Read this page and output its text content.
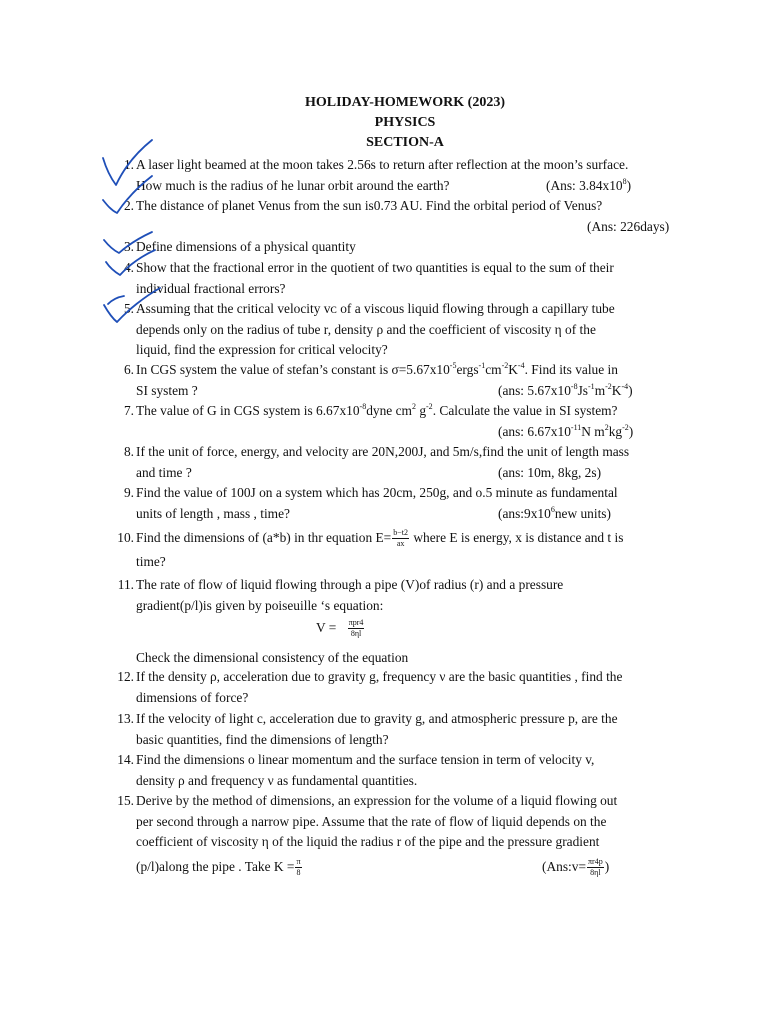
HOLIDAY-HOMEWORK (2023)
PHYSICS
SECTION-A
1. A laser light beamed at the moon takes 2.56s to return after reflection at the moon’s surface.
How much is the radius of he lunar orbit around the earth?	(Ans: $3.84x10^8$)
2. The distance of planet Venus from the sun is0.73 AU. Find the orbital period of Venus?
(Ans: 226days)
3. Define dimensions of a physical quantity
4. Show that the fractional error in the quotient of two quantities is equal to the sum of their
individual fractional errors?
5. Assuming that the critical velocity vᴄ of a viscous liquid flowing through a capillary tube
depends only on the radius of tube r, density ρ and the coefficient of viscosity η of the
liquid, find the expression for critical velocity?
6. In CGS system the value of stefan’s constant is $\sigma=5.67x10^{-5}ergs^{-1}cm^{-2}K^{-4}$. Find its value in
SI system ?	(ans: $5.67x10^{-8}Js^{-1}m^{-2}K^{-4}$)
7. The value of G in CGS system is $6.67x10^{-8}dyne$ $cm^2$ $g^{-2}$. Calculate the value in SI system?
(ans: $6.67x10^{-11}N$ $m^2kg^{-2}$)
8. If the unit of force, energy, and velocity are 20N,200J, and 5m/s,find the unit of length mass
and time ?	(ans: 10m, 8kg, 2s)
9. Find the value of 100J on a system which has 20cm, 250g, and o.5 minute as fundamental
units of length , mass , time?	($ans:9x10^6new$ units)
10. Find the dimensions of (a*b) in thr equation $E= \frac{b-t2}{ax}$ where E is energy, x is distance and t is
time?
11. The rate of flow of liquid flowing through a pipe (V)of radius (r) and a pressure
gradient(p/l)is given by poiseuille ‘s equation:
$V = \frac{\text{πpr4}}{8\eta l}$
Check the dimensional consistency of the equation
12. If the density ρ, acceleration due to gravity g, frequency ν are the basic quantities , find the
dimensions of force?
13. If the velocity of light c, acceleration due to gravity g, and atmospheric pressure p, are the
basic quantities, find the dimensions of length?
14. Find the dimensions o linear momentum and the surface tension in term of velocity v,
density ρ and frequency ν as fundamental quantities.
15. Derive by the method of dimensions, an expression for the volume of a liquid flowing out
per second through a narrow pipe. Assume that the rate of flow of liquid depends on the
coefficient of viscosity η of the liquid the radius r of the pipe and the pressure gradient
(p/l)along the pipe . Take $K = \frac{\pi}{8}$	(Ans:v= $\frac{\pi r4p}{8\eta l}$ )
